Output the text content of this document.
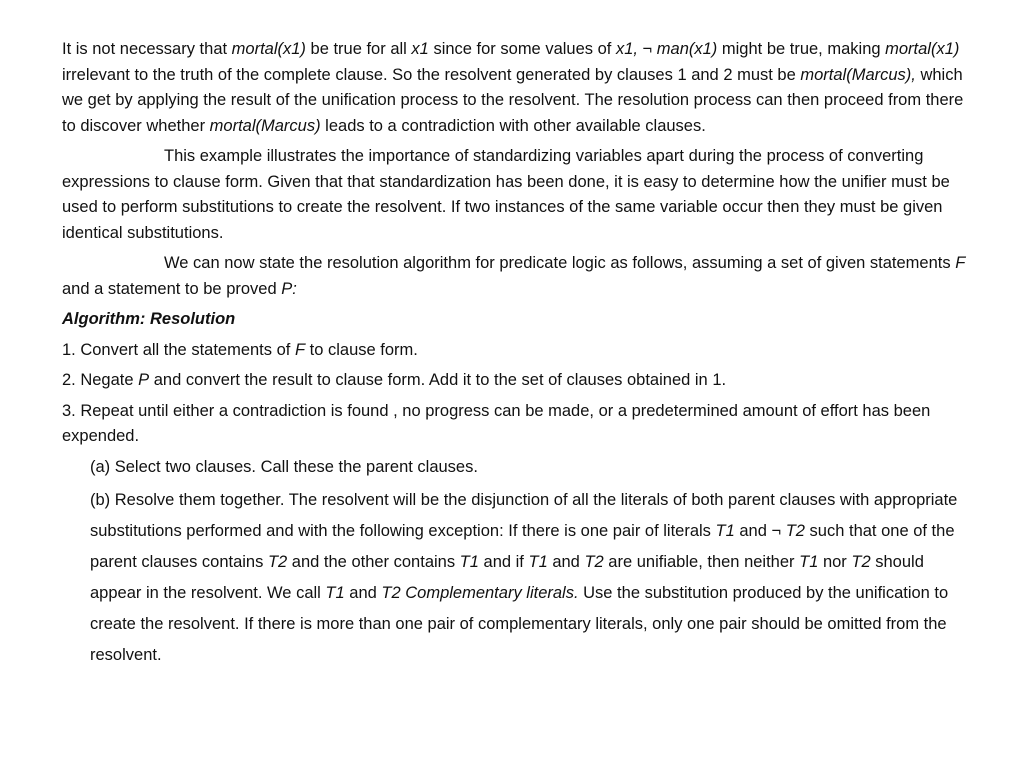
It is not necessary that mortal(x1) be true for all x1 since for some values of x1, ¬ man(x1) might be true, making mortal(x1) irrelevant to the truth of the complete clause. So the resolvent generated by clauses 1 and 2 must be mortal(Marcus), which we get by applying the result of the unification process to the resolvent. The resolution process can then proceed from there to discover whether mortal(Marcus) leads to a contradiction with other available clauses.

This example illustrates the importance of standardizing variables apart during the process of converting expressions to clause form. Given that that standardization has been done, it is easy to determine how the unifier must be used to perform substitutions to create the resolvent. If two instances of the same variable occur then they must be given identical substitutions.

We can now state the resolution algorithm for predicate logic as follows, assuming a set of given statements F and a statement to be proved P:

Algorithm: Resolution

1. Convert all the statements of F to clause form.

2. Negate P and convert the result to clause form. Add it to the set of clauses obtained in 1.

3. Repeat until either a contradiction is found , no progress can be made, or a predetermined amount of effort has been expended.

(a) Select two clauses. Call these the parent clauses.

(b) Resolve them together. The resolvent will be the disjunction of all the literals of both parent clauses with appropriate substitutions performed and with the following exception: If there is one pair of literals T1 and ¬ T2 such that one of the parent clauses contains T2 and the other contains T1 and if T1 and T2 are unifiable, then neither T1 nor T2 should appear in the resolvent. We call T1 and T2 Complementary literals. Use the substitution produced by the unification to create the resolvent. If there is more than one pair of complementary literals, only one pair should be omitted from the resolvent.
